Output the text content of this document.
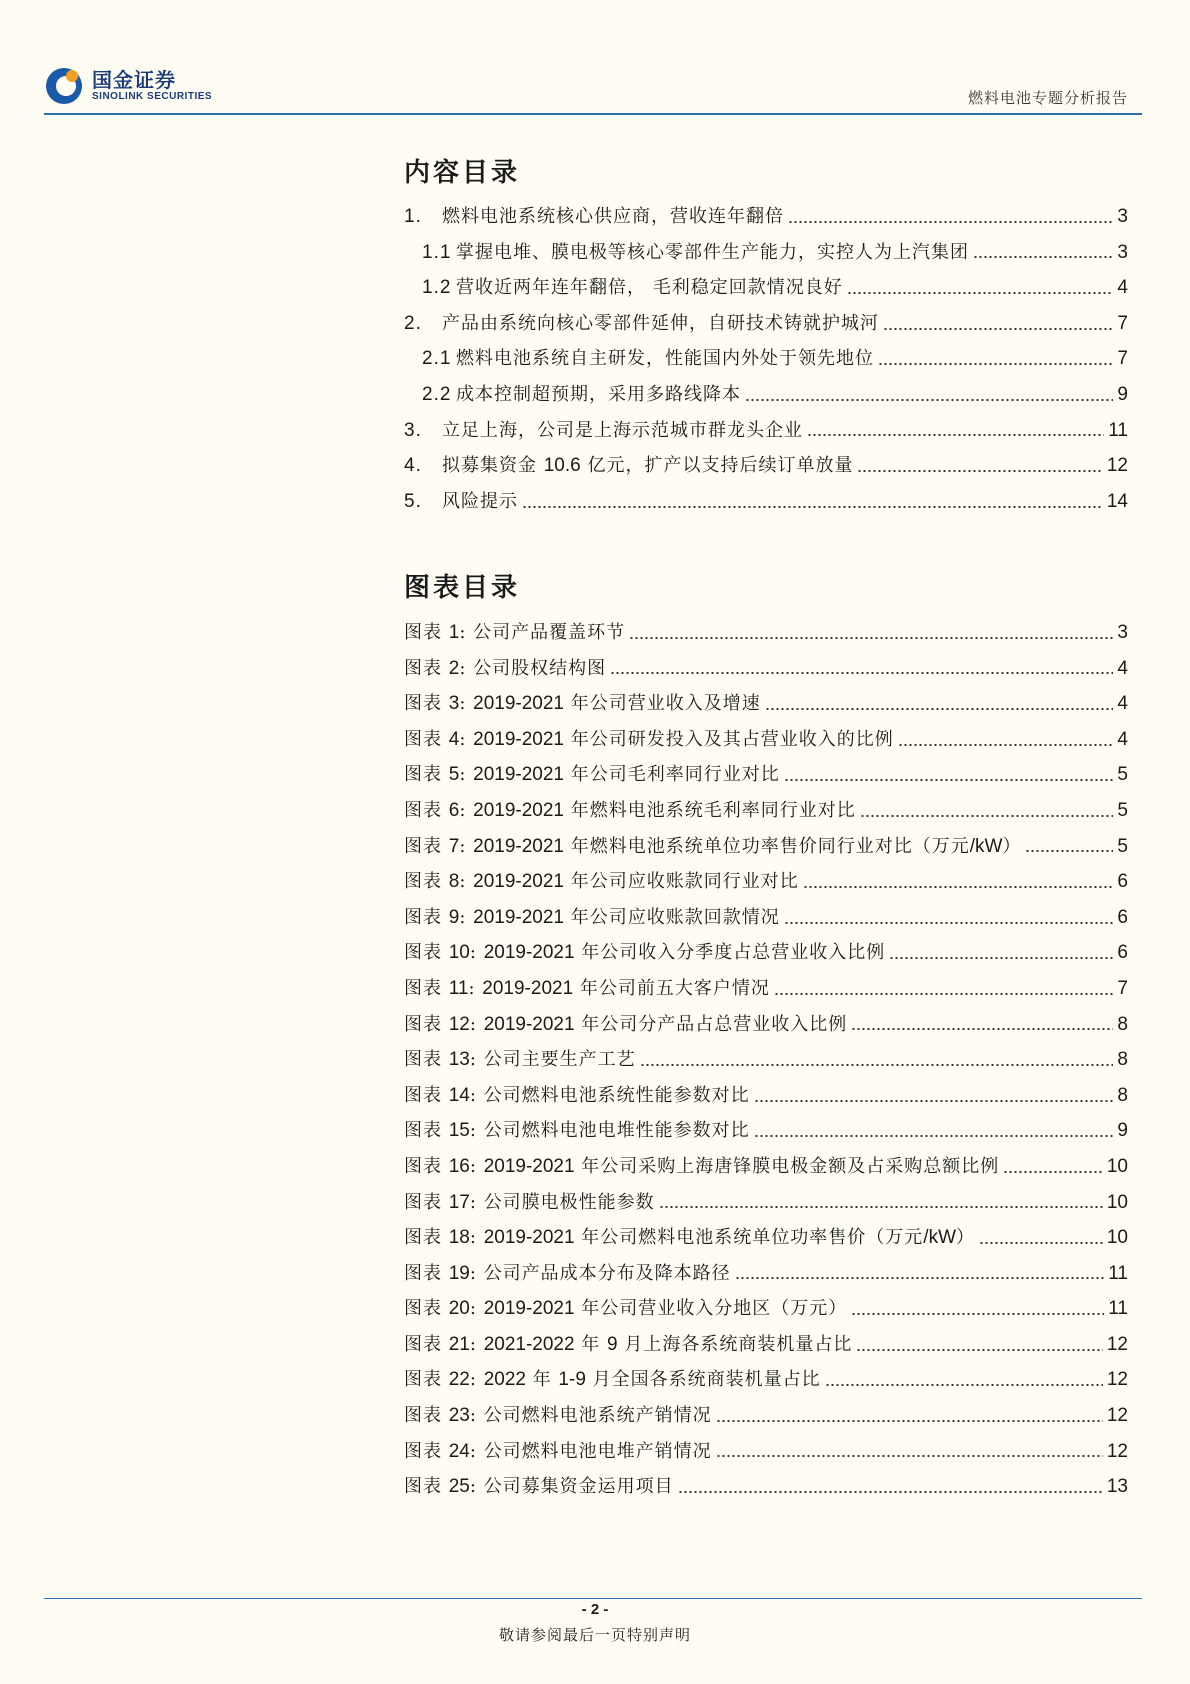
国金证券
SINOLINK SECURITIES	燃料电池专题分析报告
内容目录
1. 燃料电池系统核心供应商，营收连年翻倍	3
1.1 掌握电堆、膜电极等核心零部件生产能力，实控人为上汽集团	3
1.2 营收近两年连年翻倍， 毛利稳定回款情况良好	4
2. 产品由系统向核心零部件延伸，自研技术铸就护城河	7
2.1 燃料电池系统自主研发，性能国内外处于领先地位	7
2.2 成本控制超预期，采用多路线降本	9
3. 立足上海，公司是上海示范城市群龙头企业	11
4. 拟募集资金 10.6 亿元，扩产以支持后续订单放量	12
5. 风险提示	14
图表目录
图表 1: 公司产品覆盖环节	3
图表 2: 公司股权结构图	4
图表 3: 2019-2021 年公司营业收入及增速	4
图表 4: 2019-2021 年公司研发投入及其占营业收入的比例	4
图表 5: 2019-2021 年公司毛利率同行业对比	5
图表 6: 2019-2021 年燃料电池系统毛利率同行业对比	5
图表 7: 2019-2021 年燃料电池系统单位功率售价同行业对比（万元/kW）	5
图表 8: 2019-2021 年公司应收账款同行业对比	6
图表 9: 2019-2021 年公司应收账款回款情况	6
图表 10: 2019-2021 年公司收入分季度占总营业收入比例	6
图表 11: 2019-2021 年公司前五大客户情况	7
图表 12: 2019-2021 年公司分产品占总营业收入比例	8
图表 13: 公司主要生产工艺	8
图表 14: 公司燃料电池系统性能参数对比	8
图表 15: 公司燃料电池电堆性能参数对比	9
图表 16: 2019-2021 年公司采购上海唐锋膜电极金额及占采购总额比例	10
图表 17: 公司膜电极性能参数	10
图表 18: 2019-2021 年公司燃料电池系统单位功率售价（万元/kW）	10
图表 19: 公司产品成本分布及降本路径	11
图表 20: 2019-2021 年公司营业收入分地区（万元）	11
图表 21: 2021-2022 年 9 月上海各系统商装机量占比	12
图表 22: 2022 年 1-9 月全国各系统商装机量占比	12
图表 23: 公司燃料电池系统产销情况	12
图表 24: 公司燃料电池电堆产销情况	12
图表 25: 公司募集资金运用项目	13
- 2 -
敬请参阅最后一页特别声明
